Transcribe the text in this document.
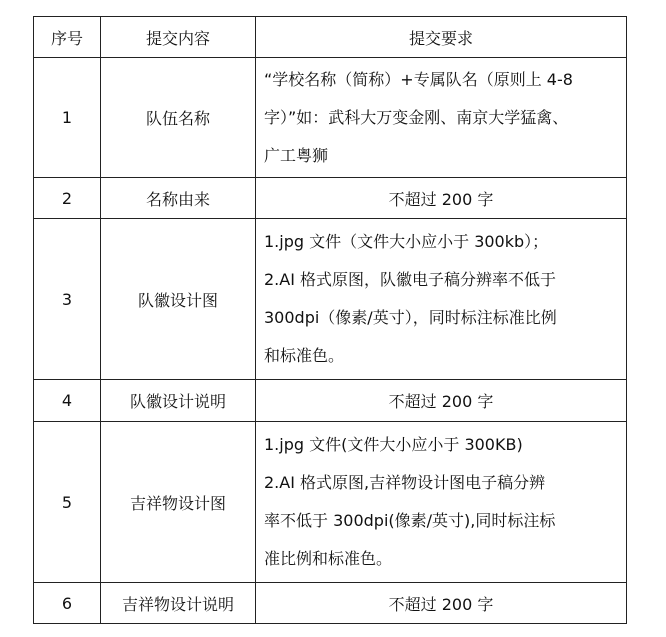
序号	提交内容	提交要求
1	队伍名称	“学校名称（简称）+专属队名（原则上 4-8
字）”如：武科大万变金刚、南京大学猛禽、
广工粤狮

2	名称由来	不超过 200 字
3	队徽设计图	1.jpg 文件（文件大小应小于 300kb）；
2.AI 格式原图，队徽电子稿分辨率不低于
300dpi（像素/英寸），同时标注标准比例
和标准色。

4	队徽设计说明	不超过 200 字
5	吉祥物设计图	1.jpg 文件(文件大小应小于 300KB)
2.AI 格式原图,吉祥物设计图电子稿分辨
率不低于 300dpi(像素/英寸),同时标注标
准比例和标准色。

6	吉祥物设计说明	不超过 200 字
